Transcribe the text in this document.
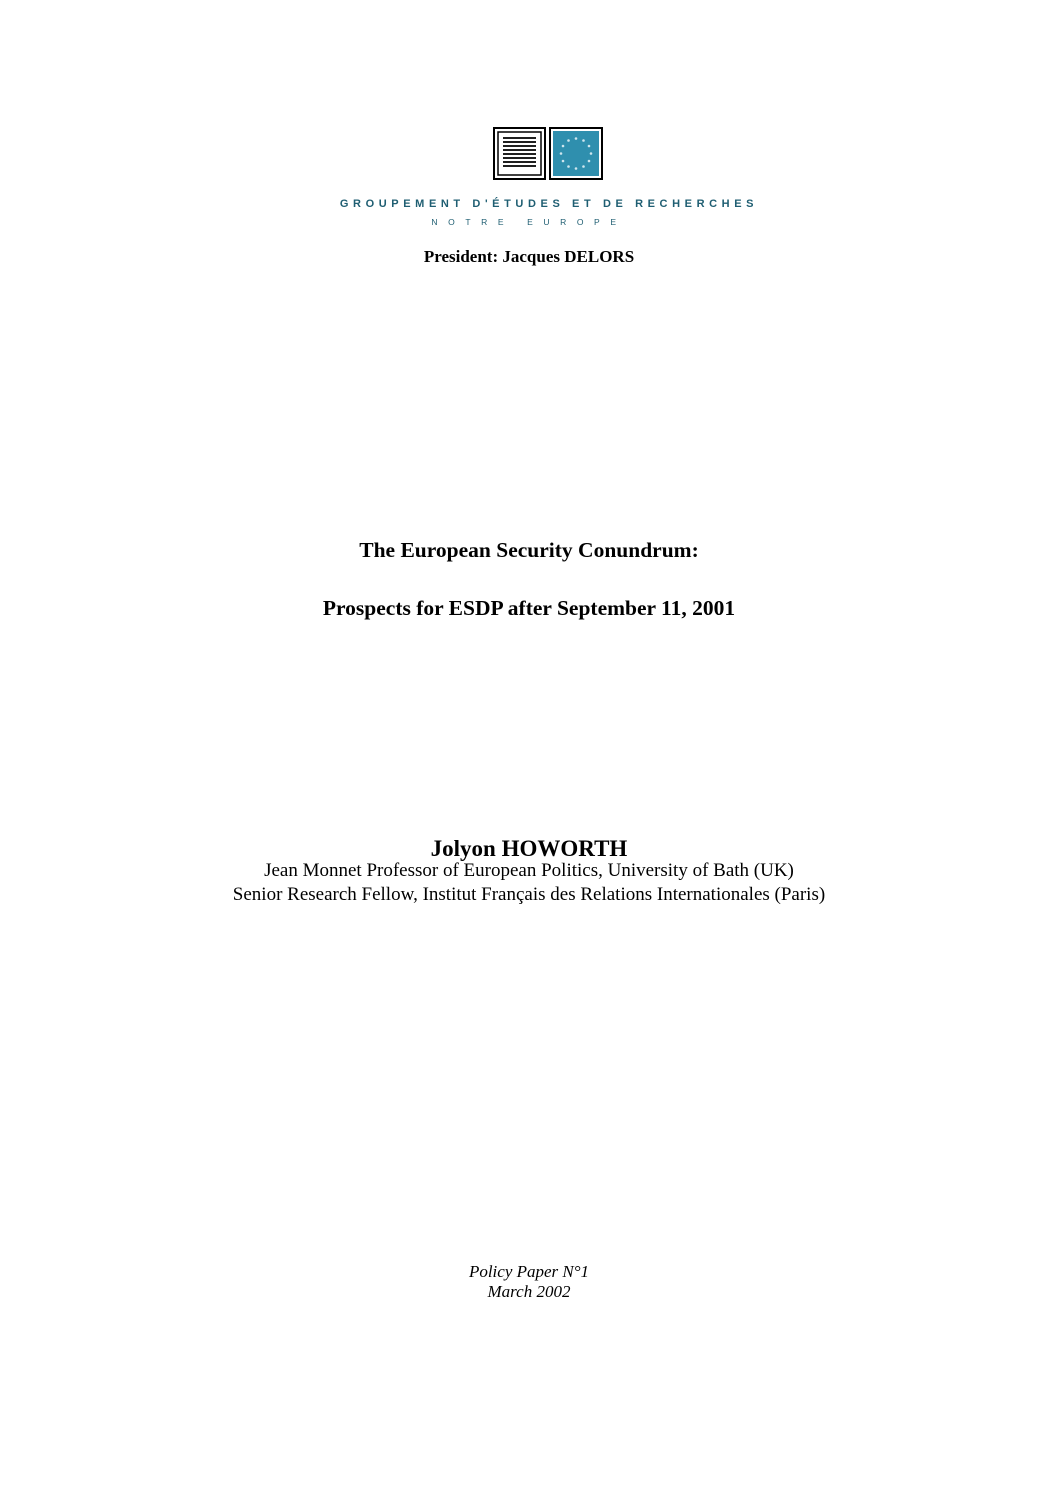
GROUPEMENT D'ÉTUDES ET DE RECHERCHES
NOTRE EUROPE
President: Jacques DELORS
The European Security Conundrum:
Prospects for ESDP after September 11, 2001
Jolyon HOWORTH
Jean Monnet Professor of European Politics, University of Bath (UK)
Senior Research Fellow, Institut Français des Relations Internationales (Paris)
Policy Paper N°1
March 2002
